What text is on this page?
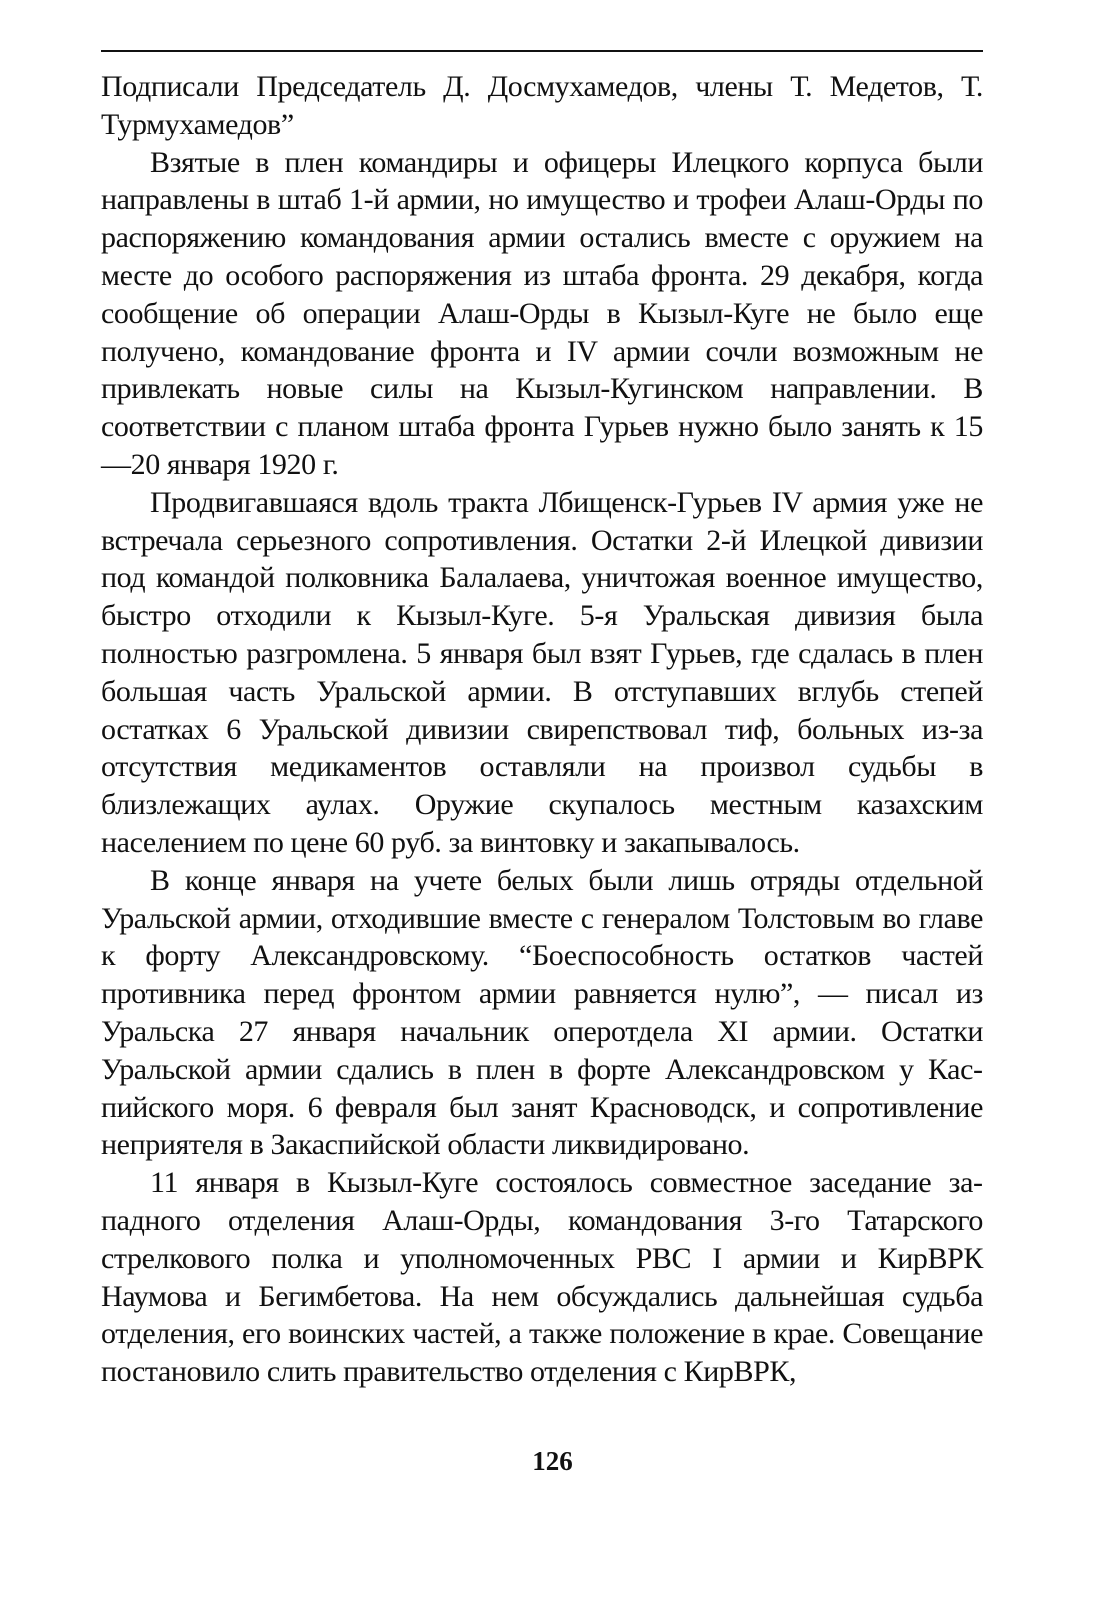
Подписали Председатель Д. Досмухамедов, члены Т. Медетов, Т. Турмухамедов”

Взятые в плен командиры и офицеры Илецкого корпуса были направлены в штаб 1-й армии, но имущество и трофеи Алаш-Орды по распоряжению командования армии остались вместе с оружием на месте до особого распоряжения из штаба фронта. 29 декабря, когда сообщение об операции Алаш-Орды в Кызыл-Куге не было еще получено, командование фронта и IV армии сочли возможным не привлекать новые силы на Кызыл-Кугинском направлении. В соответствии с планом штаба фронта Гурьев нужно было занять к 15—20 января 1920 г.

Продвигавшаяся вдоль тракта Лбищенск-Гурьев IV армия уже не встречала серьезного сопротивления. Остатки 2-й Илецкой дивизии под командой полковника Балалаева, уничтожая военное имущество, быстро отходили к Кызыл-Куге. 5-я Уральская дивизия была полностью разгромлена. 5 января был взят Гурьев, где сдалась в плен большая часть Уральской армии. В отступавших вглубь степей остатках 6 Уральской дивизии свирепствовал тиф, больных из-за отсутствия медикаментов оставляли на произвол судьбы в близлежащих аулах. Оружие скупалось местным казахским населением по цене 60 руб. за винтовку и закапывалось.

В конце января на учете белых были лишь отряды отдельной Уральской армии, отходившие вместе с генералом Толстовым во главе к форту Александровскому. “Боеспособность остатков частей противника перед фронтом армии равняется нулю”, — писал из Уральска 27 января начальник оперотдела XI армии. Остатки Уральской армии сдались в плен в форте Александровском у Каспийского моря. 6 февраля был занят Красноводск, и сопротивление неприятеля в Закаспийской области ликвидировано.

11 января в Кызыл-Куге состоялось совместное заседание западного отделения Алаш-Орды, командования 3-го Татарского стрелкового полка и уполномоченных РВС I армии и КирВРК Наумова и Бегимбетова. На нем обсуждались дальнейшая судьба отделения, его воинских частей, а также положение в крае. Совещание постановило слить правительство отделения с КирВРК,

126
